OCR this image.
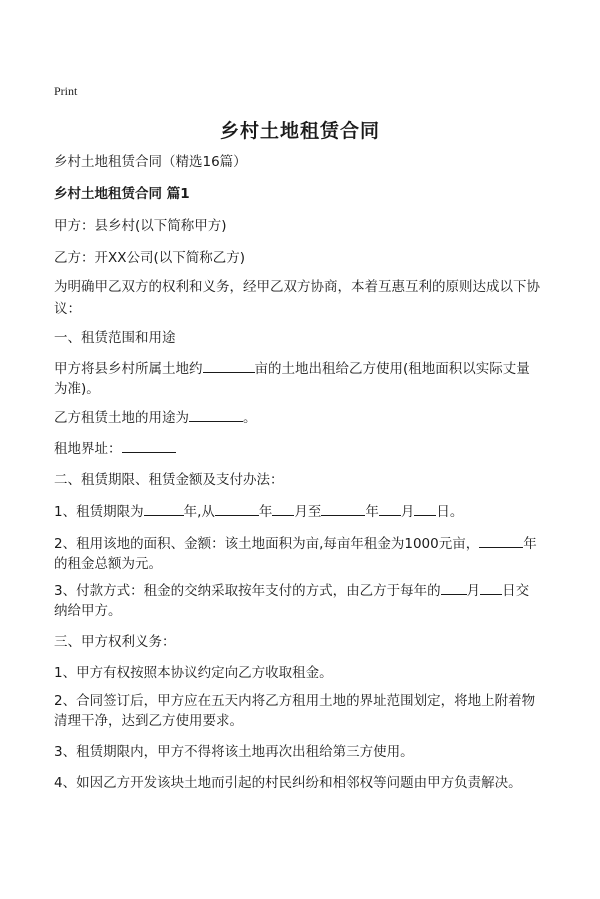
Print
乡村土地租赁合同
乡村土地租赁合同（精选16篇）
乡村土地租赁合同 篇1
甲方：县乡村(以下简称甲方)
乙方：开XX公司(以下简称乙方)
为明确甲乙双方的权利和义务，经甲乙双方协商，本着互惠互利的原则达成以下协议：
一、租赁范围和用途
甲方将县乡村所属土地约	亩的土地出租给乙方使用(租地面积以实际丈量
为准)。
乙方租赁土地的用途为	。
租地界址：
二、租赁期限、租赁金额及支付办法：
1、租赁期限为	年,从	年 月至	年 月 日。
2、租用该地的面积、金额：该土地面积为亩,每亩年租金为1000元亩，	年
的租金总额为元。
3、付款方式：租金的交纳采取按年支付的方式，由乙方于每年的 月 日交
纳给甲方。
三、甲方权利义务：
1、甲方有权按照本协议约定向乙方收取租金。
2、合同签订后，甲方应在五天内将乙方租用土地的界址范围划定，将地上附着物
清理干净，达到乙方使用要求。
3、租赁期限内，甲方不得将该土地再次出租给第三方使用。
4、如因乙方开发该块土地而引起的村民纠纷和相邻权等问题由甲方负责解决。
